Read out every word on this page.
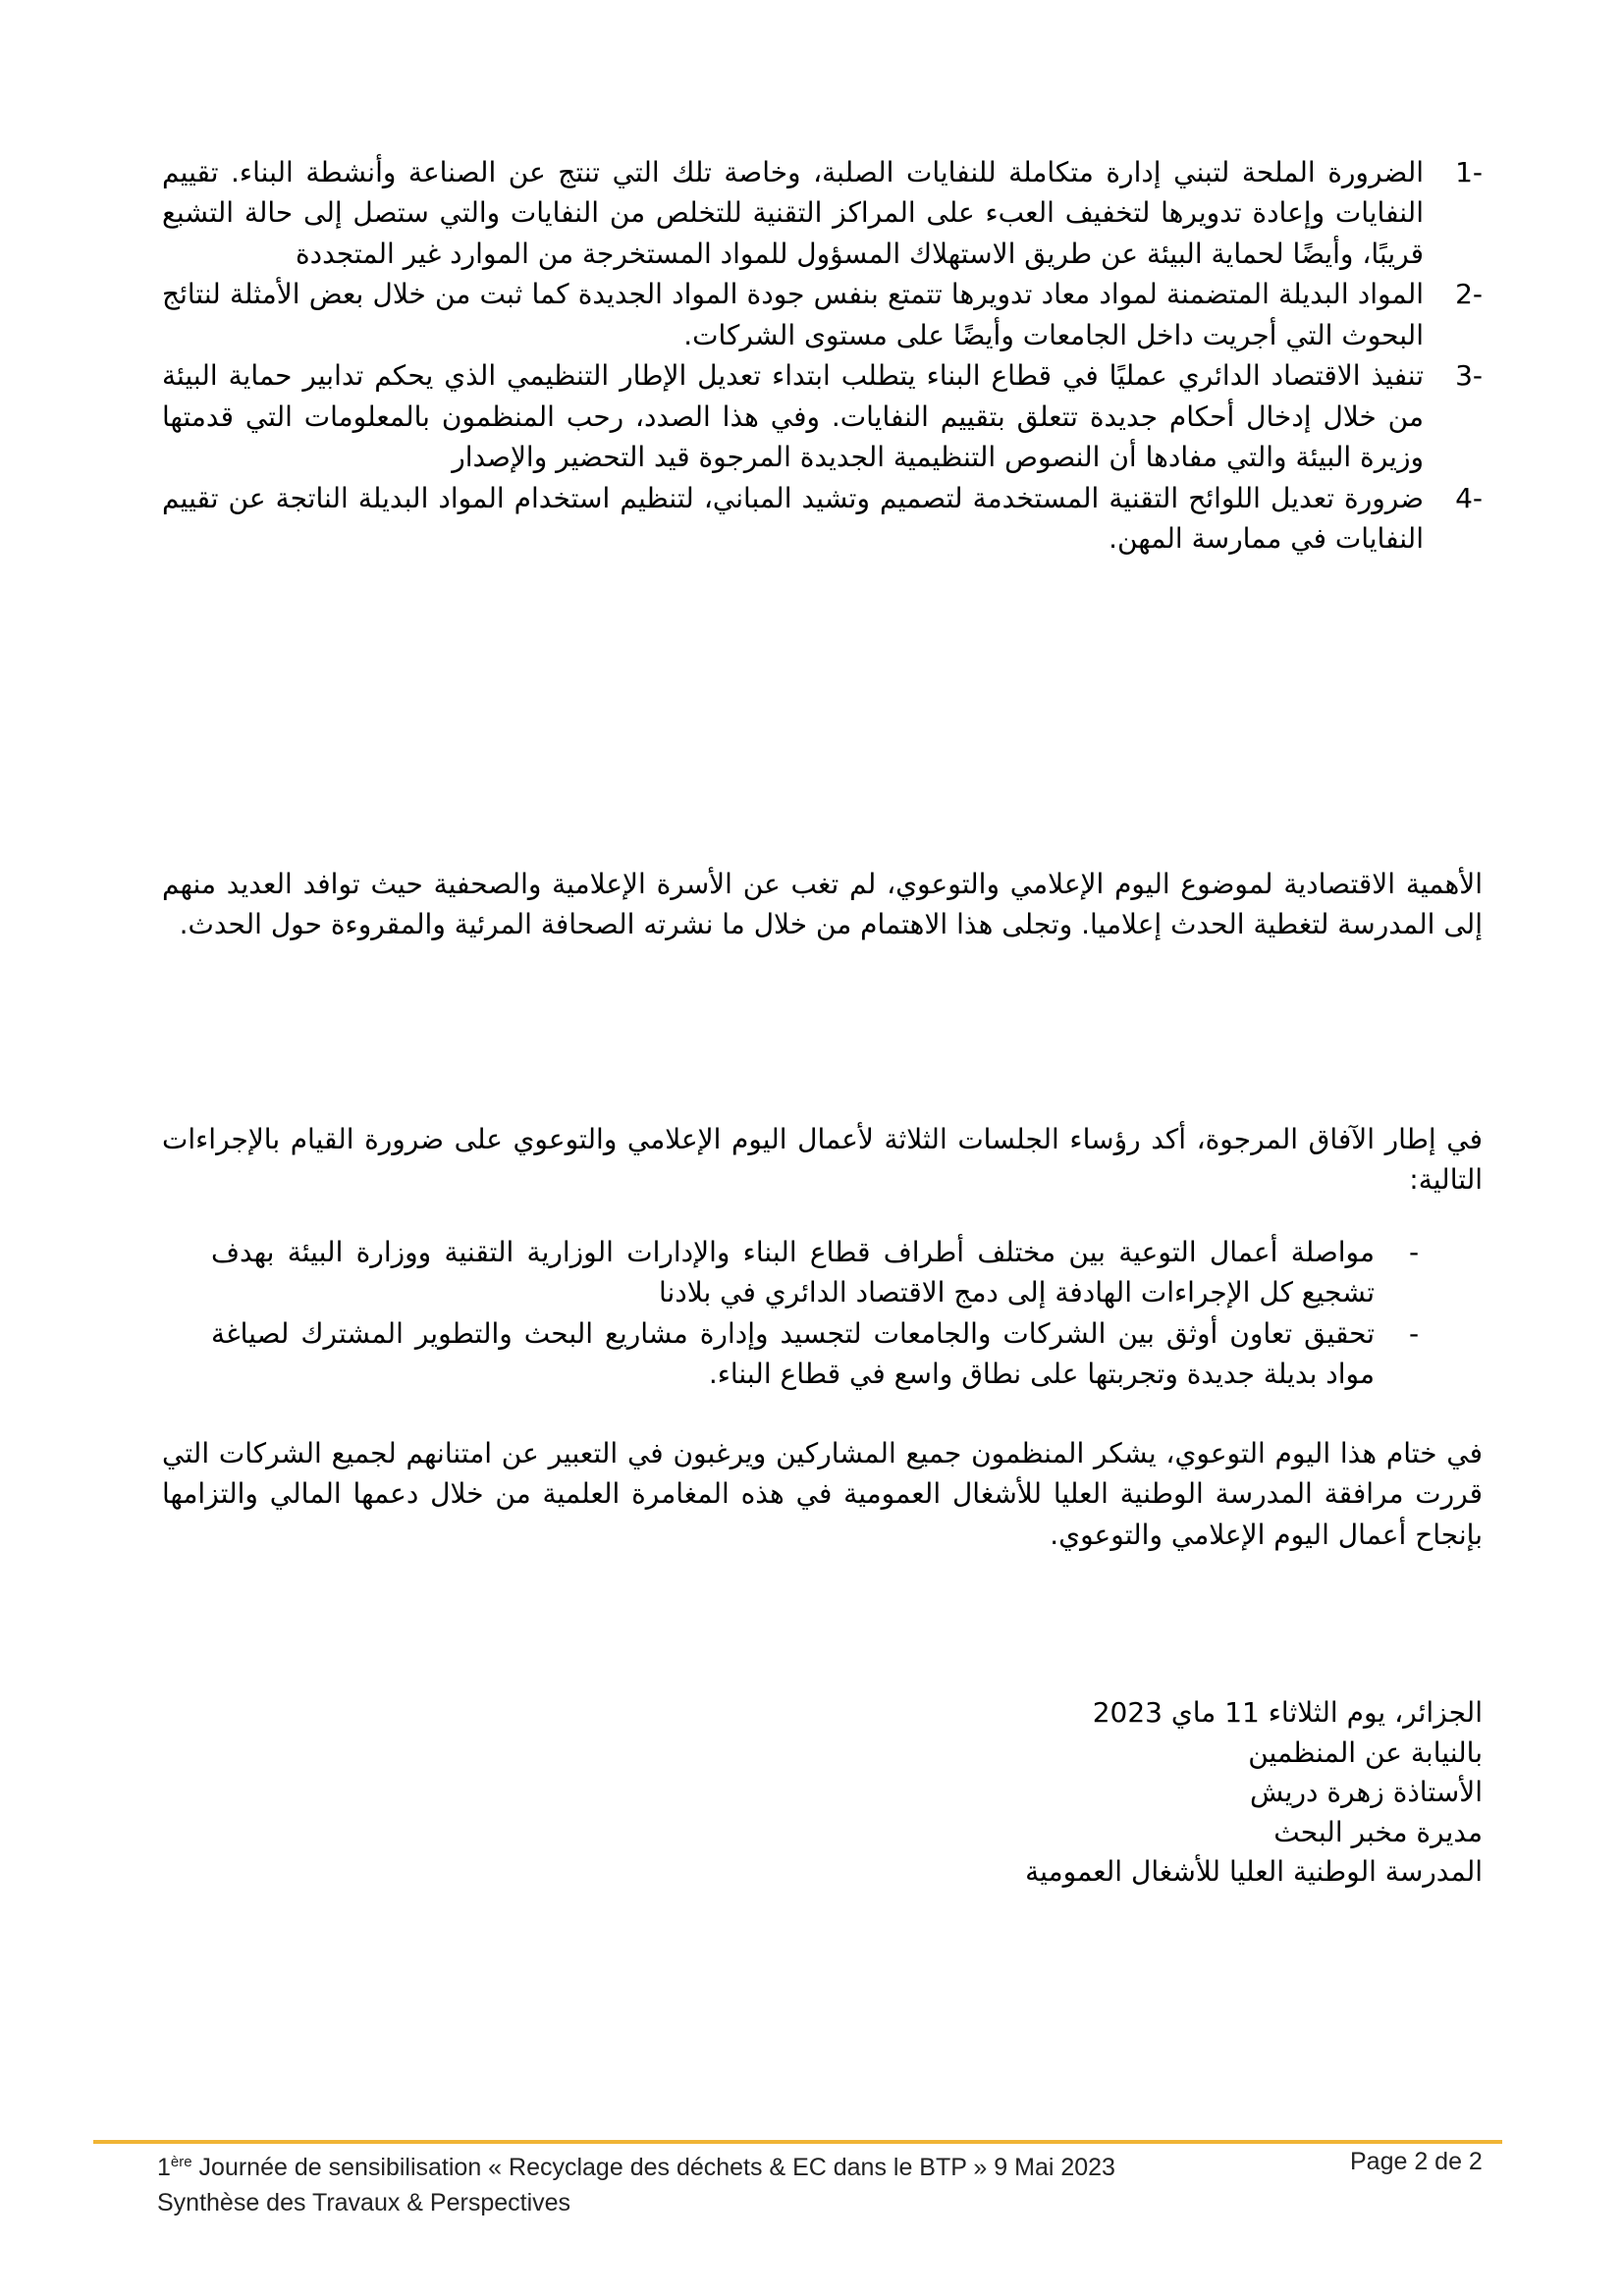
-1
الضرورة الملحة لتبني إدارة متكاملة للنفايات الصلبة، وخاصة تلك التي تنتج عن الصناعة وأنشطة البناء. تقييم النفايات وإعادة تدويرها لتخفيف العبء على المراكز التقنية للتخلص من النفايات والتي ستصل إلى حالة التشبع قريبًا، وأيضًا لحماية البيئة عن طريق الاستهلاك المسؤول للمواد المستخرجة من الموارد غير المتجددة
-2
المواد البديلة المتضمنة لمواد معاد تدويرها تتمتع بنفس جودة المواد الجديدة كما ثبت من خلال بعض الأمثلة لنتائج البحوث التي أجريت داخل الجامعات وأيضًا على مستوى الشركات.
-3
تنفيذ الاقتصاد الدائري عمليًا في قطاع البناء يتطلب ابتداء تعديل الإطار التنظيمي الذي يحكم تدابير حماية البيئة من خلال إدخال أحكام جديدة تتعلق بتقييم النفايات. وفي هذا الصدد، رحب المنظمون بالمعلومات التي قدمتها وزيرة البيئة والتي مفادها أن النصوص التنظيمية الجديدة المرجوة قيد التحضير والإصدار
-4
ضرورة تعديل اللوائح التقنية المستخدمة لتصميم وتشيد المباني، لتنظيم استخدام المواد البديلة الناتجة عن تقييم النفايات في ممارسة المهن.

الأهمية الاقتصادية لموضوع اليوم الإعلامي والتوعوي، لم تغب عن الأسرة الإعلامية والصحفية حيث توافد العديد منهم إلى المدرسة لتغطية الحدث إعلاميا. وتجلى هذا الاهتمام من خلال ما نشرته الصحافة المرئية والمقروءة حول الحدث.

في إطار الآفاق المرجوة، أكد رؤساء الجلسات الثلاثة لأعمال اليوم الإعلامي والتوعوي على ضرورة القيام بالإجراءات التالية:

-
مواصلة أعمال التوعية بين مختلف أطراف قطاع البناء والإدارات الوزارية التقنية ووزارة البيئة بهدف تشجيع كل الإجراءات الهادفة إلى دمج الاقتصاد الدائري في بلادنا
-
تحقيق تعاون أوثق بين الشركات والجامعات لتجسيد وإدارة مشاريع البحث والتطوير المشترك لصياغة مواد بديلة جديدة وتجربتها على نطاق واسع في قطاع البناء.

في ختام هذا اليوم التوعوي، يشكر المنظمون جميع المشاركين ويرغبون في التعبير عن امتنانهم لجميع الشركات التي قررت مرافقة المدرسة الوطنية العليا للأشغال العمومية في هذه المغامرة العلمية من خلال دعمها المالي والتزامها بإنجاح أعمال اليوم الإعلامي والتوعوي.

الجزائر، يوم الثلاثاء 11 ماي 2023
بالنيابة عن المنظمين
الأستاذة زهرة دريش
مديرة مخبر البحث
المدرسة الوطنية العليا للأشغال العمومية
1ère Journée de sensibilisation « Recyclage des déchets & EC dans le BTP » 9 Mai 2023
Synthèse des Travaux & Perspectives
Page 2 de 2
